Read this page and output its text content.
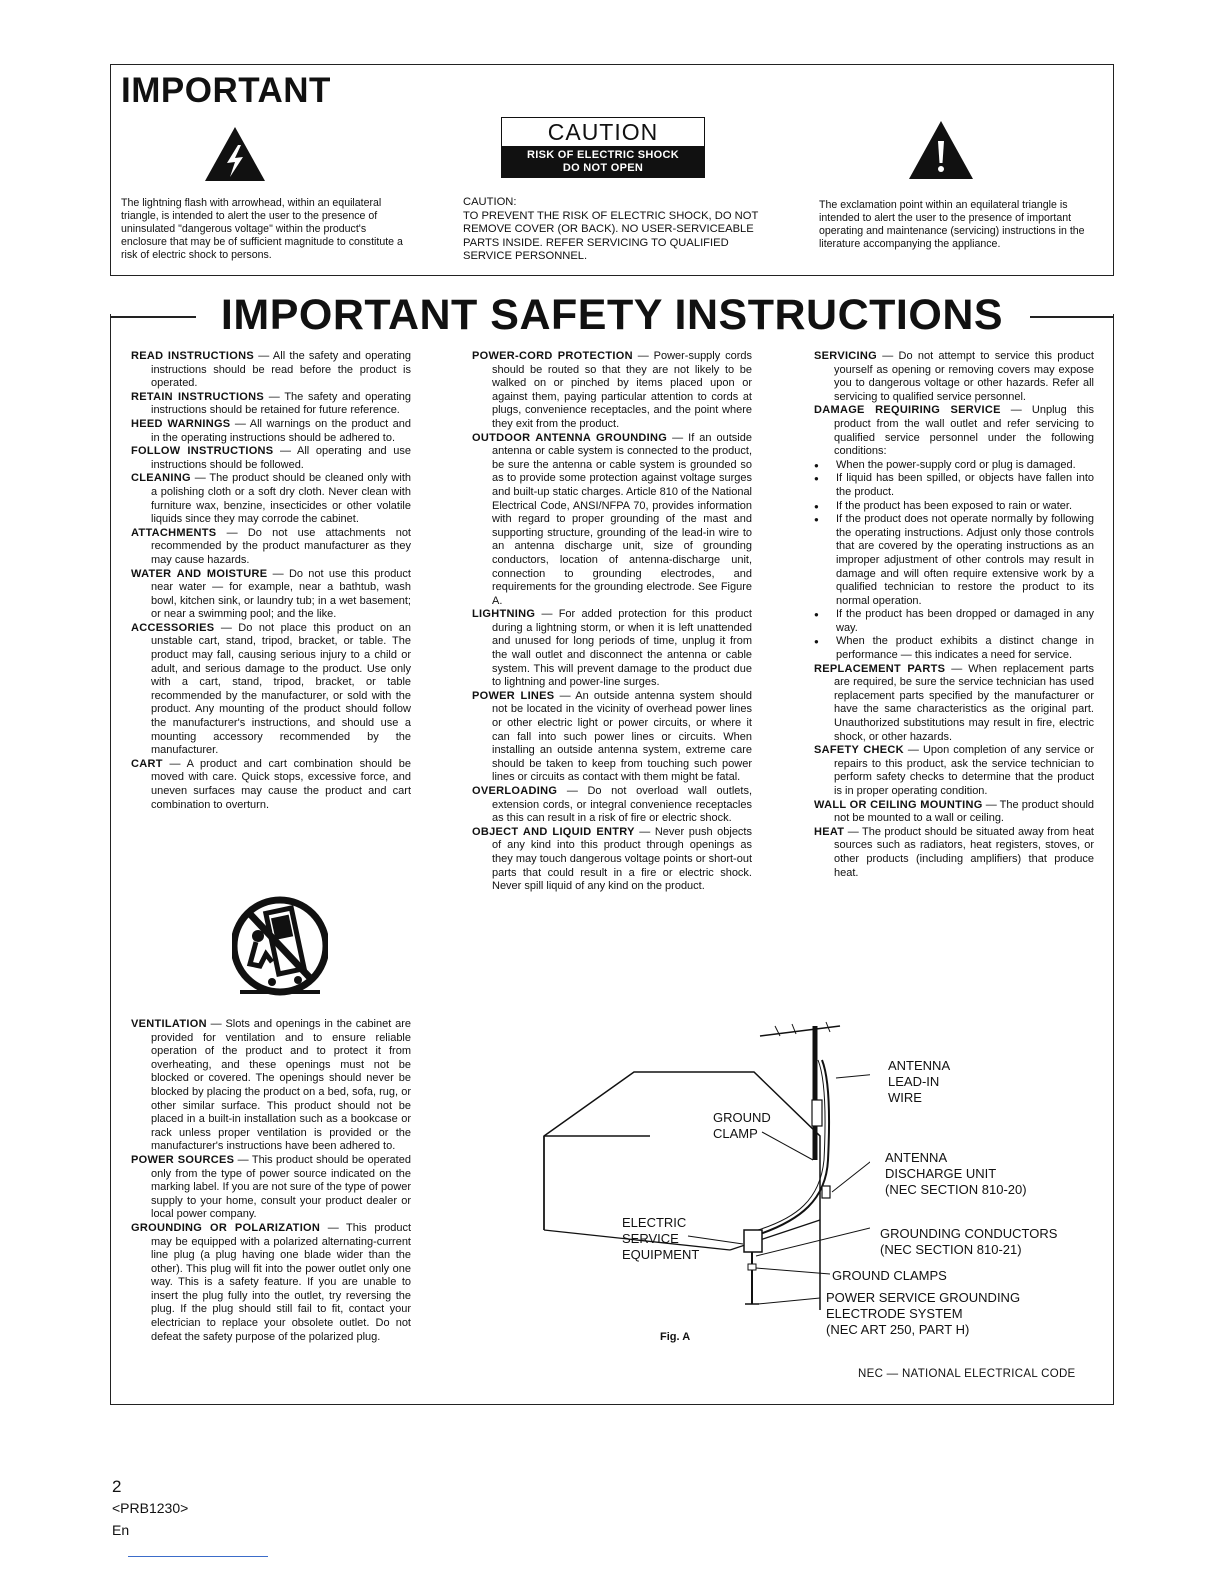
IMPORTANT
The lightning flash with arrowhead, within an equilateral triangle, is intended to alert the user to the presence of uninsulated "dangerous voltage" within the product's enclosure that may be of sufficient magnitude to constitute a risk of electric shock to persons.
CAUTION
RISK OF ELECTRIC SHOCK
DO NOT OPEN
CAUTION:
TO PREVENT THE RISK OF ELECTRIC SHOCK, DO NOT REMOVE COVER (OR BACK). NO USER-SERVICEABLE PARTS INSIDE. REFER SERVICING TO QUALIFIED SERVICE PERSONNEL.
The exclamation point within an equilateral triangle is intended to alert the user to the presence of important operating and maintenance (servicing) instructions in the literature accompanying the appliance.
IMPORTANT SAFETY INSTRUCTIONS

READ INSTRUCTIONS — All the safety and operating instructions should be read before the product is operated.

RETAIN INSTRUCTIONS — The safety and operating instructions should be retained for future reference.

HEED WARNINGS — All warnings on the product and in the operating instructions should be adhered to.

FOLLOW INSTRUCTIONS — All operating and use instructions should be followed.

CLEANING — The product should be cleaned only with a polishing cloth or a soft dry cloth. Never clean with furniture wax, benzine, insecticides or other volatile liquids since they may corrode the cabinet.

ATTACHMENTS — Do not use attachments not recommended by the product manufacturer as they may cause hazards.

WATER AND MOISTURE — Do not use this product near water — for example, near a bathtub, wash bowl, kitchen sink, or laundry tub; in a wet basement; or near a swimming pool; and the like.

ACCESSORIES — Do not place this product on an unstable cart, stand, tripod, bracket, or table. The product may fall, causing serious injury to a child or adult, and serious damage to the product. Use only with a cart, stand, tripod, bracket, or table recommended by the manufacturer, or sold with the product. Any mounting of the product should follow the manufacturer's instructions, and should use a mounting accessory recommended by the manufacturer.

CART — A product and cart combination should be moved with care. Quick stops, excessive force, and uneven surfaces may cause the product and cart combination to overturn.

VENTILATION — Slots and openings in the cabinet are provided for ventilation and to ensure reliable operation of the product and to protect it from overheating, and these openings must not be blocked or covered. The openings should never be blocked by placing the product on a bed, sofa, rug, or other similar surface. This product should not be placed in a built-in installation such as a bookcase or rack unless proper ventilation is provided or the manufacturer's instructions have been adhered to.

POWER SOURCES — This product should be operated only from the type of power source indicated on the marking label. If you are not sure of the type of power supply to your home, consult your product dealer or local power company.

GROUNDING OR POLARIZATION — This product may be equipped with a polarized alternating-current line plug (a plug having one blade wider than the other). This plug will fit into the power outlet only one way. This is a safety feature. If you are unable to insert the plug fully into the outlet, try reversing the plug. If the plug should still fail to fit, contact your electrician to replace your obsolete outlet. Do not defeat the safety purpose of the polarized plug.

POWER-CORD PROTECTION — Power-supply cords should be routed so that they are not likely to be walked on or pinched by items placed upon or against them, paying particular attention to cords at plugs, convenience receptacles, and the point where they exit from the product.

OUTDOOR ANTENNA GROUNDING — If an outside antenna or cable system is connected to the product, be sure the antenna or cable system is grounded so as to provide some protection against voltage surges and built-up static charges. Article 810 of the National Electrical Code, ANSI/NFPA 70, provides information with regard to proper grounding of the mast and supporting structure, grounding of the lead-in wire to an antenna discharge unit, size of grounding conductors, location of antenna-discharge unit, connection to grounding electrodes, and requirements for the grounding electrode. See Figure A.

LIGHTNING — For added protection for this product during a lightning storm, or when it is left unattended and unused for long periods of time, unplug it from the wall outlet and disconnect the antenna or cable system. This will prevent damage to the product due to lightning and power-line surges.

POWER LINES — An outside antenna system should not be located in the vicinity of overhead power lines or other electric light or power circuits, or where it can fall into such power lines or circuits. When installing an outside antenna system, extreme care should be taken to keep from touching such power lines or circuits as contact with them might be fatal.

OVERLOADING — Do not overload wall outlets, extension cords, or integral convenience receptacles as this can result in a risk of fire or electric shock.

OBJECT AND LIQUID ENTRY — Never push objects of any kind into this product through openings as they may touch dangerous voltage points or short-out parts that could result in a fire or electric shock. Never spill liquid of any kind on the product.

SERVICING — Do not attempt to service this product yourself as opening or removing covers may expose you to dangerous voltage or other hazards. Refer all servicing to qualified service personnel.

DAMAGE REQUIRING SERVICE — Unplug this product from the wall outlet and refer servicing to qualified service personnel under the following conditions:

● When the power-supply cord or plug is damaged.
● If liquid has been spilled, or objects have fallen into the product.
● If the product has been exposed to rain or water.
● If the product does not operate normally by following the operating instructions. Adjust only those controls that are covered by the operating instructions as an improper adjustment of other controls may result in damage and will often require extensive work by a qualified technician to restore the product to its normal operation.
● If the product has been dropped or damaged in any way.
● When the product exhibits a distinct change in performance — this indicates a need for service.

REPLACEMENT PARTS — When replacement parts are required, be sure the service technician has used replacement parts specified by the manufacturer or have the same characteristics as the original part. Unauthorized substitutions may result in fire, electric shock, or other hazards.

SAFETY CHECK — Upon completion of any service or repairs to this product, ask the service technician to perform safety checks to determine that the product is in proper operating condition.

WALL OR CEILING MOUNTING — The product should not be mounted to a wall or ceiling.

HEAT — The product should be situated away from heat sources such as radiators, heat registers, stoves, or other products (including amplifiers) that produce heat.

ANTENNA
LEAD-IN
WIRE
GROUND
CLAMP
ANTENNA
DISCHARGE UNIT
(NEC SECTION 810-20)
ELECTRIC
SERVICE
EQUIPMENT
GROUNDING CONDUCTORS
(NEC SECTION 810-21)
GROUND CLAMPS
POWER SERVICE GROUNDING
ELECTRODE SYSTEM
(NEC ART 250, PART H)
Fig. A
NEC — NATIONAL ELECTRICAL CODE
2
<PRB1230>
En
